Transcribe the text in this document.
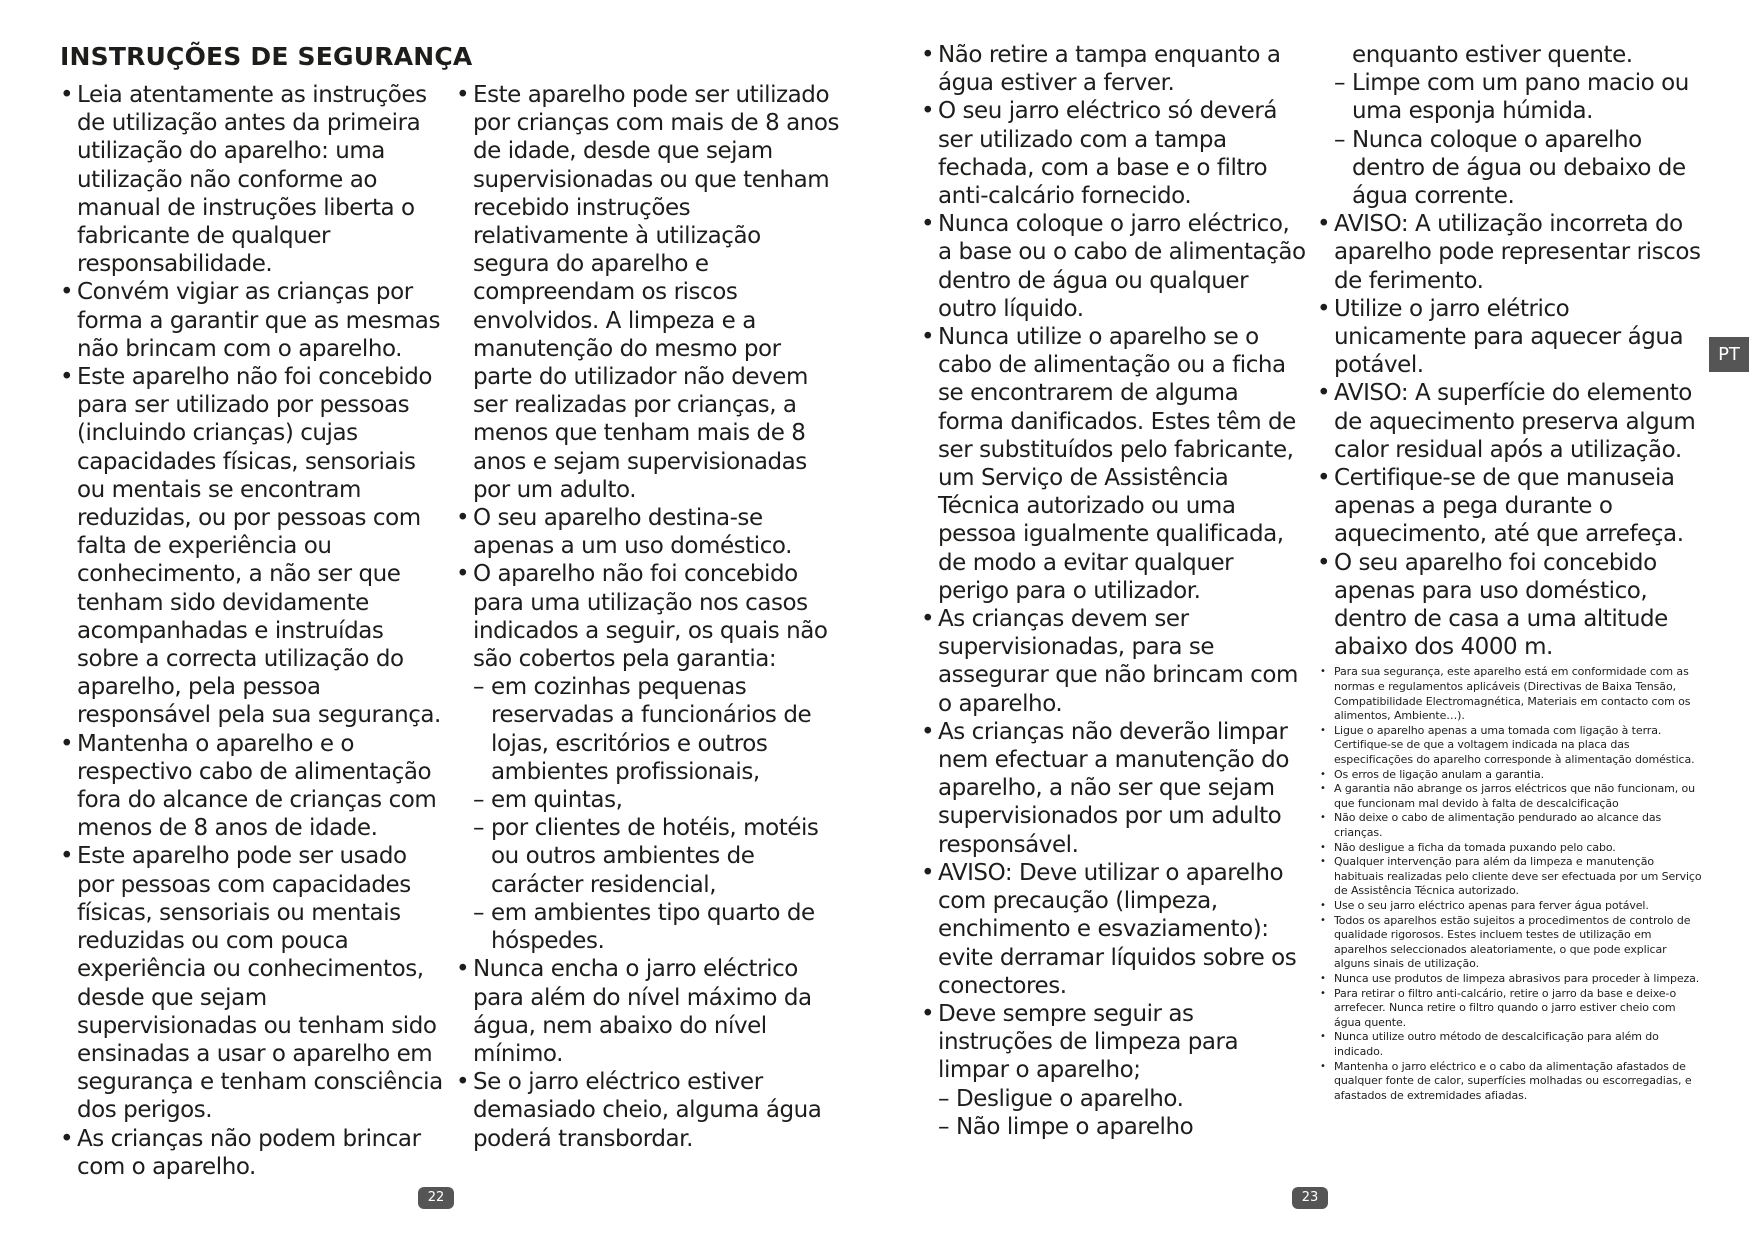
INSTRUÇÕES DE SEGURANÇA
• Leia atentamente as instruções de utilização antes da primeira utilização do aparelho: uma utilização não conforme ao manual de instruções liberta o fabricante de qualquer responsabilidade.
• Convém vigiar as crianças por forma a garantir que as mesmas não brincam com o aparelho.
• Este aparelho não foi concebido para ser utilizado por pessoas (incluindo crianças) cujas capacidades físicas, sensoriais ou mentais se encontram reduzidas, ou por pessoas com falta de experiência ou conhecimento, a não ser que tenham sido devidamente acompanhadas e instruídas sobre a correcta utilização do aparelho, pela pessoa responsável pela sua segurança.
• Mantenha o aparelho e o respectivo cabo de alimentação fora do alcance de crianças com menos de 8 anos de idade.
• Este aparelho pode ser usado por pessoas com capacidades físicas, sensoriais ou mentais reduzidas ou com pouca experiência ou conhecimentos, desde que sejam supervisionadas ou tenham sido ensinadas a usar o aparelho em segurança e tenham consciência dos perigos.
• As crianças não podem brincar com o aparelho.
• Este aparelho pode ser utilizado por crianças com mais de 8 anos de idade, desde que sejam supervisionadas ou que tenham recebido instruções relativamente à utilização segura do aparelho e compreendam os riscos envolvidos. A limpeza e a manutenção do mesmo por parte do utilizador não devem ser realizadas por crianças, a menos que tenham mais de 8 anos e sejam supervisionadas por um adulto.
• O seu aparelho destina-se apenas a um uso doméstico.
• O aparelho não foi concebido para uma utilização nos casos indicados a seguir, os quais não são cobertos pela garantia:
– em cozinhas pequenas reservadas a funcionários de lojas, escritórios e outros ambientes profissionais,
– em quintas,
– por clientes de hotéis, motéis ou outros ambientes de carácter residencial,
– em ambientes tipo quarto de hóspedes.
• Nunca encha o jarro eléctrico para além do nível máximo da água, nem abaixo do nível mínimo.
• Se o jarro eléctrico estiver demasiado cheio, alguma água poderá transbordar.
• Não retire a tampa enquanto a água estiver a ferver.
• O seu jarro eléctrico só deverá ser utilizado com a tampa fechada, com a base e o filtro anti-calcário fornecido.
• Nunca coloque o jarro eléctrico, a base ou o cabo de alimentação dentro de água ou qualquer outro líquido.
• Nunca utilize o aparelho se o cabo de alimentação ou a ficha se encontrarem de alguma forma danificados. Estes têm de ser substituídos pelo fabricante, um Serviço de Assistência Técnica autorizado ou uma pessoa igualmente qualificada, de modo a evitar qualquer perigo para o utilizador.
• As crianças devem ser supervisionadas, para se assegurar que não brincam com o aparelho.
• As crianças não deverão limpar nem efectuar a manutenção do aparelho, a não ser que sejam supervisionados por um adulto responsável.
• AVISO: Deve utilizar o aparelho com precaução (limpeza, enchimento e esvaziamento): evite derramar líquidos sobre os conectores.
• Deve sempre seguir as instruções de limpeza para limpar o aparelho;
– Desligue o aparelho.
– Não limpe o aparelho
enquanto estiver quente.
– Limpe com um pano macio ou uma esponja húmida.
– Nunca coloque o aparelho dentro de água ou debaixo de água corrente.
• AVISO: A utilização incorreta do aparelho pode representar riscos de ferimento.
• Utilize o jarro elétrico unicamente para aquecer água potável.
• AVISO: A superfície do elemento de aquecimento preserva algum calor residual após a utilização.
• Certifique-se de que manuseia apenas a pega durante o aquecimento, até que arrefeça.
• O seu aparelho foi concebido apenas para uso doméstico, dentro de casa a uma altitude abaixo dos 4000 m.
• Para sua segurança, este aparelho está em conformidade com as normas e regulamentos aplicáveis (Directivas de Baixa Tensão, Compatibilidade Electromagnética, Materiais em contacto com os alimentos, Ambiente…).
• Ligue o aparelho apenas a uma tomada com ligação à terra. Certifique-se de que a voltagem indicada na placa das especificações do aparelho corresponde à alimentação doméstica.
• Os erros de ligação anulam a garantia.
• A garantia não abrange os jarros eléctricos que não funcionam, ou que funcionam mal devido à falta de descalcificação
• Não deixe o cabo de alimentação pendurado ao alcance das crianças.
• Não desligue a ficha da tomada puxando pelo cabo.
• Qualquer intervenção para além da limpeza e manutenção habituais realizadas pelo cliente deve ser efectuada por um Serviço de Assistência Técnica autorizado.
• Use o seu jarro eléctrico apenas para ferver água potável.
• Todos os aparelhos estão sujeitos a procedimentos de controlo de qualidade rigorosos. Estes incluem testes de utilização em aparelhos seleccionados aleatoriamente, o que pode explicar alguns sinais de utilização.
• Nunca use produtos de limpeza abrasivos para proceder à limpeza.
• Para retirar o filtro anti-calcário, retire o jarro da base e deixe-o arrefecer. Nunca retire o filtro quando o jarro estiver cheio com água quente.
• Nunca utilize outro método de descalcificação para além do indicado.
• Mantenha o jarro eléctrico e o cabo da alimentação afastados de qualquer fonte de calor, superfícies molhadas ou escorregadias, e afastados de extremidades afiadas.
22	23
PT
